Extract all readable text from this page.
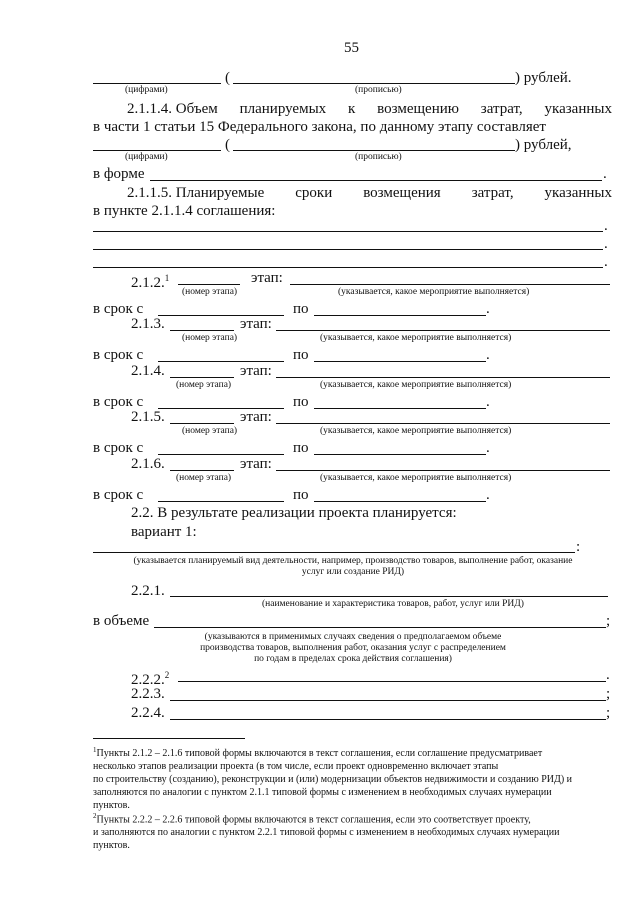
55
(	) рублей.
(цифрами)	(прописью)
2.1.1.4. Объем планируемых к возмещению затрат, указанных
в части 1 статьи 15 Федерального закона, по данному этапу составляет
(	) рублей,
(цифрами)	(прописью)
в форме	.
2.1.1.5. Планируемые сроки возмещения затрат, указанных
в пункте 2.1.1.4 соглашения:
.
.
.
2.1.2.$^1$	этап:
(номер этапа)	(указывается, какое мероприятие выполняется)
в срок с	по	.
2.1.3.	этап:
(номер этапа)	(указывается, какое мероприятие выполняется)
в срок с	по	.
2.1.4.	этап:
(номер этапа)	(указывается, какое мероприятие выполняется)
в срок с	по	.
2.1.5.	этап:
(номер этапа)	(указывается, какое мероприятие выполняется)
в срок с	по	.
2.1.6.	этап:
(номер этапа)	(указывается, какое мероприятие выполняется)
в срок с	по	.
2.2. В результате реализации проекта планируется:
вариант 1:
:
(указывается планируемый вид деятельности, например, производство товаров, выполнение работ, оказание
услуг или создание РИД)
2.2.1.
(наименование и характеристика товаров, работ, услуг или РИД)
в объеме	;
(указываются в применимых случаях сведения о предполагаемом объеме
производства товаров, выполнения работ, оказания услуг с распределением
по годам в пределах срока действия соглашения)
2.2.2.$^2$	.
2.2.3.	;
2.2.4.	;
$^1$Пункты 2.1.2 – 2.1.6 типовой формы включаются в текст соглашения, если соглашение предусматривает
несколько этапов реализации проекта (в том числе, если проект одновременно включает этапы
по строительству (созданию), реконструкции и (или) модернизации объектов недвижимости и созданию РИД) и
заполняются по аналогии с пунктом 2.1.1 типовой формы с изменением в необходимых случаях нумерации
пунктов.
$^2$Пункты 2.2.2 – 2.2.6 типовой формы включаются в текст соглашения, если это соответствует проекту,
и заполняются по аналогии с пунктом 2.2.1 типовой формы с изменением в необходимых случаях нумерации
пунктов.
